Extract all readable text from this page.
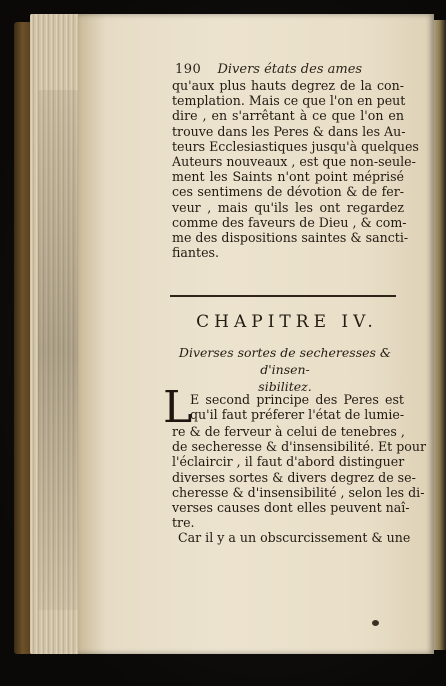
190 Divers états des ames
qu'aux plus hauts degrez de la con-
templation. Mais ce que l'on en peut
dire , en s'arrêtant à ce que l'on en
trouve dans les Peres & dans les Au-
teurs Ecclesiastiques jusqu'à quelques
Auteurs nouveaux , est que non-seule-
ment les Saints n'ont point méprisé
ces sentimens de dévotion & de fer-
veur , mais qu'ils les ont regardez
comme des faveurs de Dieu , & com-
me des dispositions saintes & sancti-
fiantes.
CHAPITRE IV.
Diverses sortes de secheresses & d'insen-
sibilitez.
L
E second principe des Peres est
qu'il faut préferer l'état de lumie-
re & de ferveur à celui de tenebres ,
de secheresse & d'insensibilité. Et pour
l'éclaircir , il faut d'abord distinguer
diverses sortes & divers degrez de se-
cheresse & d'insensibilité , selon les di-
verses causes dont elles peuvent naî-
tre.
Car il y a un obscurcissement & une
